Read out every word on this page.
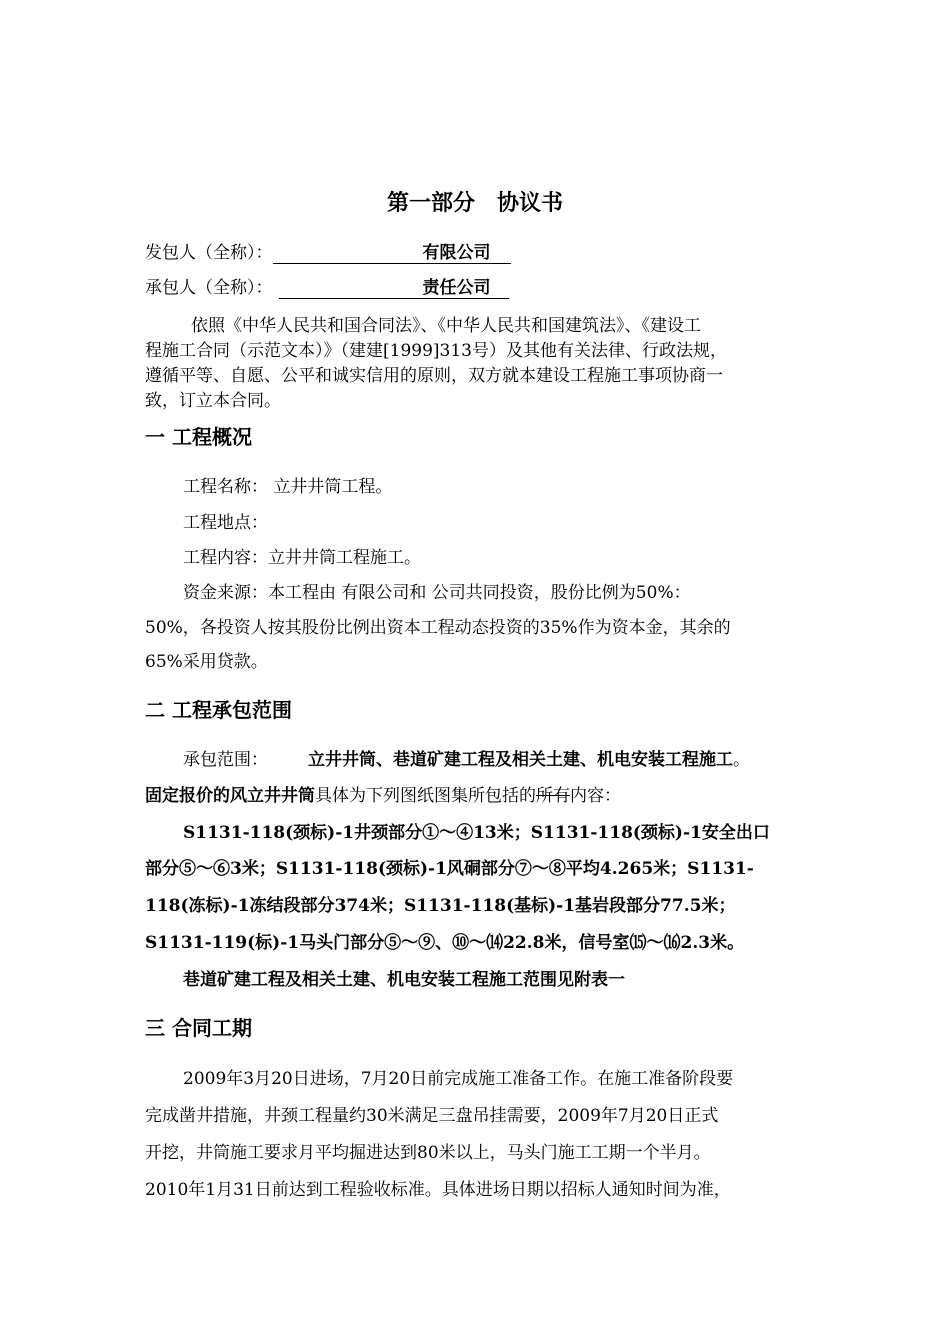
第一部分　协议书
发包人（全称）：	有限公司
承包人（全称）：	责任公司
依照《中华人民共和国合同法》、《中华人民共和国建筑法》、《建设工
程施工合同（示范文本）》（建建[1999]313号）及其他有关法律、行政法规，
遵循平等、自愿、公平和诚实信用的原则，双方就本建设工程施工事项协商一
致，订立本合同。
一 工程概况
工程名称： 立井井筒工程。
工程地点：
工程内容：立井井筒工程施工。
资金来源：本工程由 有限公司和 公司共同投资，股份比例为50%：
50%，各投资人按其股份比例出资本工程动态投资的35%作为资本金，其余的
65%采用贷款。
二 工程承包范围
承包范围： 立井井筒、巷道矿建工程及相关土建、机电安装工程施工。
固定报价的风立井井筒具体为下列图纸图集所包括的所有内容：
S1131-118(颈标)-1井颈部分①～④13米；S1131-118(颈标)-1安全出口
部分⑤～⑥3米；S1131-118(颈标)-1风硐部分⑦～⑧平均4.265米；S1131-
118(冻标)-1冻结段部分374米；S1131-118(基标)-1基岩段部分77.5米；
S1131-119(标)-1马头门部分⑤～⑨、⑩～⒁22.8米，信号室⒂～⒃2.3米。
巷道矿建工程及相关土建、机电安装工程施工范围见附表一
三 合同工期
2009年3月20日进场，7月20日前完成施工准备工作。在施工准备阶段要
完成凿井措施，井颈工程量约30米满足三盘吊挂需要，2009年7月20日正式
开挖，井筒施工要求月平均掘进达到80米以上，马头门施工工期一个半月。
2010年1月31日前达到工程验收标准。具体进场日期以招标人通知时间为准，
